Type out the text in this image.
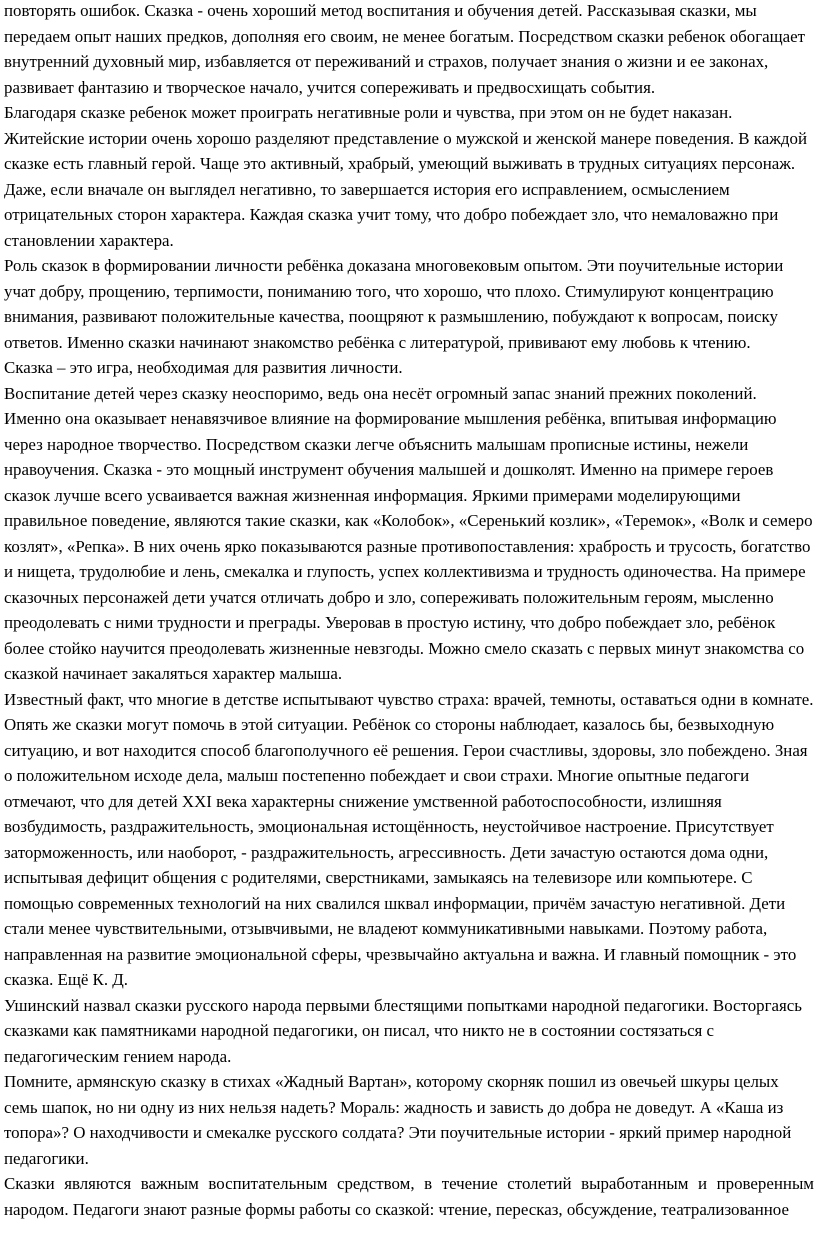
повторять ошибок. Сказка - очень хороший метод воспитания и обучения детей. Рассказывая сказки, мы передаем опыт наших предков, дополняя его своим, не менее богатым. Посредством сказки ребенок обогащает внутренний духовный мир, избавляется от переживаний и страхов, получает знания о жизни и ее законах, развивает фантазию и творческое начало, учится сопереживать и предвосхищать события.

Благодаря сказке ребенок может проиграть негативные роли и чувства, при этом он не будет наказан.

Житейские истории очень хорошо разделяют представление о мужской и женской манере поведения. В каждой сказке есть главный герой. Чаще это активный, храбрый, умеющий выживать в трудных ситуациях персонаж. Даже, если вначале он выглядел негативно, то завершается история его исправлением, осмыслением отрицательных сторон характера. Каждая сказка учит тому, что добро побеждает зло, что немаловажно при становлении характера.

Роль сказок в формировании личности ребёнка доказана многовековым опытом. Эти поучительные истории учат добру, прощению, терпимости, пониманию того, что хорошо, что плохо. Стимулируют концентрацию внимания, развивают положительные качества, поощряют к размышлению, побуждают к вопросам, поиску ответов. Именно сказки начинают знакомство ребёнка с литературой, прививают ему любовь к чтению.

Сказка – это игра, необходимая для развития личности.

Воспитание детей через сказку неоспоримо, ведь она несёт огромный запас знаний прежних поколений. Именно она оказывает ненавязчивое влияние на формирование мышления ребёнка, впитывая информацию через народное творчество. Посредством сказки легче объяснить малышам прописные истины, нежели нравоучения. Сказка - это мощный инструмент обучения малышей и дошколят. Именно на примере героев сказок лучше всего усваивается важная жизненная информация. Яркими примерами моделирующими правильное поведение, являются такие сказки, как «Колобок», «Серенький козлик», «Теремок», «Волк и семеро козлят», «Репка». В них очень ярко показываются разные противопоставления: храбрость и трусость, богатство и нищета, трудолюбие и лень, смекалка и глупость, успех коллективизма и трудность одиночества. На примере сказочных персонажей дети учатся отличать добро и зло, сопереживать положительным героям, мысленно преодолевать с ними трудности и преграды. Уверовав в простую истину, что добро побеждает зло, ребёнок более стойко научится преодолевать жизненные невзгоды. Можно смело сказать с первых минут знакомства со сказкой начинает закаляться характер малыша.

Известный факт, что многие в детстве испытывают чувство страха: врачей, темноты, оставаться одни в комнате. Опять же сказки могут помочь в этой ситуации. Ребёнок со стороны наблюдает, казалось бы, безвыходную ситуацию, и вот находится способ благополучного её решения. Герои счастливы, здоровы, зло побеждено. Зная о положительном исходе дела, малыш постепенно побеждает и свои страхи. Многие опытные педагоги отмечают, что для детей XXI века характерны снижение умственной работоспособности, излишняя возбудимость, раздражительность, эмоциональная истощённость, неустойчивое настроение. Присутствует заторможенность, или наоборот, - раздражительность, агрессивность. Дети зачастую остаются дома одни, испытывая дефицит общения с родителями, сверстниками, замыкаясь на телевизоре или компьютере. С помощью современных технологий на них свалился шквал информации, причём зачастую негативной. Дети стали менее чувствительными, отзывчивыми, не владеют коммуникативными навыками. Поэтому работа, направленная на развитие эмоциональной сферы, чрезвычайно актуальна и важна. И главный помощник - это сказка. Ещё К. Д.

Ушинский назвал сказки русского народа первыми блестящими попытками народной педагогики. Восторгаясь сказками как памятниками народной педагогики, он писал, что никто не в состоянии состязаться с педагогическим гением народа.

Помните, армянскую сказку в стихах «Жадный Вартан», которому скорняк пошил из овечьей шкуры целых семь шапок, но ни одну из них нельзя надеть? Мораль: жадность и зависть до добра не доведут. А «Каша из топора»? О находчивости и смекалке русского солдата? Эти поучительные истории - яркий пример народной педагогики.

Сказки являются важным воспитательным средством, в течение столетий выработанным и проверенным народом. Педагоги знают разные формы работы со сказкой: чтение, пересказ, обсуждение, театрализованное
